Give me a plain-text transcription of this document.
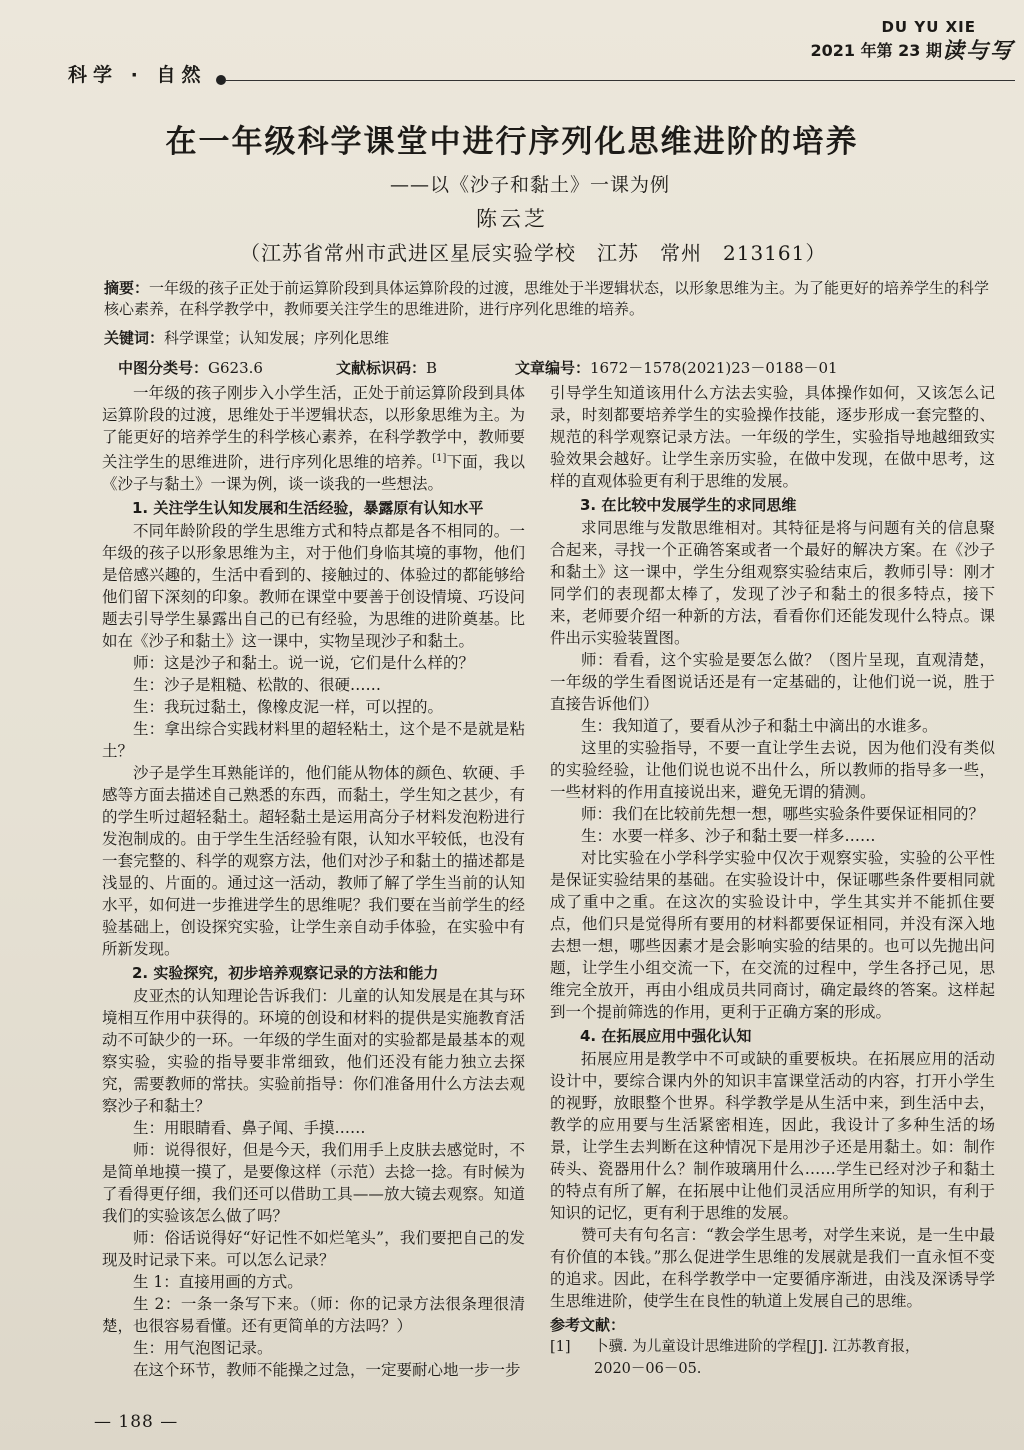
科学 · 自然
DU YU XIE
2021 年第 23 期 读与写
在一年级科学课堂中进行序列化思维进阶的培养
——以《沙子和黏土》一课为例
陈云芝
（江苏省常州市武进区星辰实验学校　江苏　常州　213161）
摘要：一年级的孩子正处于前运算阶段到具体运算阶段的过渡，思维处于半逻辑状态，以形象思维为主。为了能更好的培养学生的科学核心素养，在科学教学中，教师要关注学生的思维进阶，进行序列化思维的培养。
关键词：科学课堂；认知发展；序列化思维
中图分类号：G623.6	文献标识码：B	文章编号：1672－1578(2021)23－0188－01

一年级的孩子刚步入小学生活，正处于前运算阶段到具体运算阶段的过渡，思维处于半逻辑状态，以形象思维为主。为了能更好的培养学生的科学核心素养，在科学教学中，教师要关注学生的思维进阶，进行序列化思维的培养。[1]下面，我以《沙子与黏土》一课为例，谈一谈我的一些想法。

1. 关注学生认知发展和生活经验，暴露原有认知水平

不同年龄阶段的学生思维方式和特点都是各不相同的。一年级的孩子以形象思维为主，对于他们身临其境的事物，他们是倍感兴趣的，生活中看到的、接触过的、体验过的都能够给他们留下深刻的印象。教师在课堂中要善于创设情境、巧设问题去引导学生暴露出自己的已有经验，为思维的进阶奠基。比如在《沙子和黏土》这一课中，实物呈现沙子和黏土。

师：这是沙子和黏土。说一说，它们是什么样的？

生：沙子是粗糙、松散的、很硬……

生：我玩过黏土，像橡皮泥一样，可以捏的。

生：拿出综合实践材料里的超轻粘土，这个是不是就是粘土？

沙子是学生耳熟能详的，他们能从物体的颜色、软硬、手感等方面去描述自己熟悉的东西，而黏土，学生知之甚少，有的学生听过超轻黏土。超轻黏土是运用高分子材料发泡粉进行发泡制成的。由于学生生活经验有限，认知水平较低，也没有一套完整的、科学的观察方法，他们对沙子和黏土的描述都是浅显的、片面的。通过这一活动，教师了解了学生当前的认知水平，如何进一步推进学生的思维呢？我们要在当前学生的经验基础上，创设探究实验，让学生亲自动手体验，在实验中有所新发现。

2. 实验探究，初步培养观察记录的方法和能力

皮亚杰的认知理论告诉我们：儿童的认知发展是在其与环境相互作用中获得的。环境的创设和材料的提供是实施教育活动不可缺少的一环。一年级的学生面对的实验都是最基本的观察实验，实验的指导要非常细致，他们还没有能力独立去探究，需要教师的常扶。实验前指导：你们准备用什么方法去观察沙子和黏土？

生：用眼睛看、鼻子闻、手摸……

师：说得很好，但是今天，我们用手上皮肤去感觉时，不是简单地摸一摸了，是要像这样（示范）去捻一捻。有时候为了看得更仔细，我们还可以借助工具——放大镜去观察。知道我们的实验该怎么做了吗？

师：俗话说得好“好记性不如烂笔头”，我们要把自己的发现及时记录下来。可以怎么记录？

生 1：直接用画的方式。

生 2：一条一条写下来。（师：你的记录方法很条理很清楚，也很容易看懂。还有更简单的方法吗？）

生：用气泡图记录。

在这个环节，教师不能操之过急，一定要耐心地一步一步

引导学生知道该用什么方法去实验，具体操作如何，又该怎么记录，时刻都要培养学生的实验操作技能，逐步形成一套完整的、规范的科学观察记录方法。一年级的学生，实验指导地越细致实验效果会越好。让学生亲历实验，在做中发现，在做中思考，这样的直观体验更有利于思维的发展。

3. 在比较中发展学生的求同思维

求同思维与发散思维相对。其特征是将与问题有关的信息聚合起来，寻找一个正确答案或者一个最好的解决方案。在《沙子和黏土》这一课中，学生分组观察实验结束后，教师引导：刚才同学们的表现都太棒了，发现了沙子和黏土的很多特点，接下来，老师要介绍一种新的方法，看看你们还能发现什么特点。课件出示实验装置图。

师：看看，这个实验是要怎么做？（图片呈现，直观清楚，一年级的学生看图说话还是有一定基础的，让他们说一说，胜于直接告诉他们）

生：我知道了，要看从沙子和黏土中滴出的水谁多。

这里的实验指导，不要一直让学生去说，因为他们没有类似的实验经验，让他们说也说不出什么，所以教师的指导多一些，一些材料的作用直接说出来，避免无谓的猜测。

师：我们在比较前先想一想，哪些实验条件要保证相同的？

生：水要一样多、沙子和黏土要一样多……

对比实验在小学科学实验中仅次于观察实验，实验的公平性是保证实验结果的基础。在实验设计中，保证哪些条件要相同就成了重中之重。在这次的实验设计中，学生其实并不能抓住要点，他们只是觉得所有要用的材料都要保证相同，并没有深入地去想一想，哪些因素才是会影响实验的结果的。也可以先抛出问题，让学生小组交流一下，在交流的过程中，学生各抒己见，思维完全放开，再由小组成员共同商讨，确定最终的答案。这样起到一个提前筛选的作用，更利于正确方案的形成。

4. 在拓展应用中强化认知

拓展应用是教学中不可或缺的重要板块。在拓展应用的活动设计中，要综合课内外的知识丰富课堂活动的内容，打开小学生的视野，放眼整个世界。科学教学是从生活中来，到生活中去，教学的应用要与生活紧密相连，因此，我设计了多种生活的场景，让学生去判断在这种情况下是用沙子还是用黏土。如：制作砖头、瓷器用什么？制作玻璃用什么……学生已经对沙子和黏土的特点有所了解，在拓展中让他们灵活应用所学的知识，有利于知识的记忆，更有利于思维的发展。

赞可夫有句名言：“教会学生思考，对学生来说，是一生中最有价值的本钱。”那么促进学生思维的发展就是我们一直永恒不变的追求。因此，在科学教学中一定要循序渐进，由浅及深诱导学生思维进阶，使学生在良性的轨道上发展自己的思维。

参考文献：
[1] 卜骥. 为儿童设计思维进阶的学程[J]. 江苏教育报，
2020－06－05.
— 188 —
